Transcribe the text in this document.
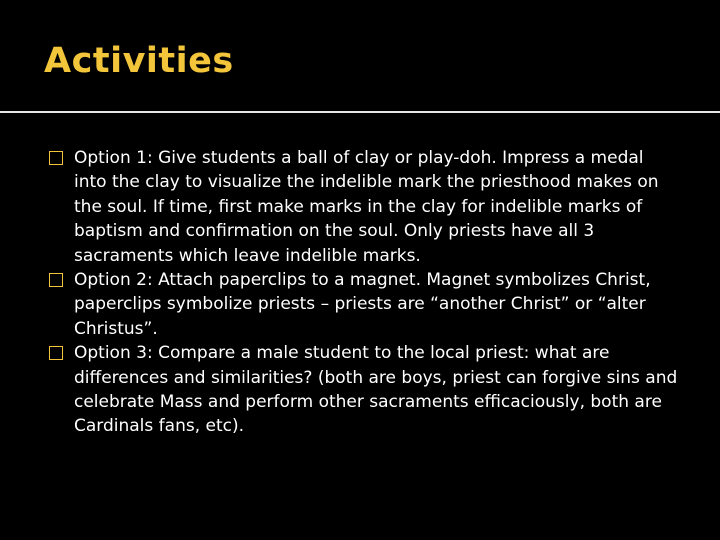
Activities
Option 1: Give students a ball of clay or play-doh. Impress a medal into the clay to visualize the indelible mark the priesthood makes on the soul. If time, first make marks in the clay for indelible marks of baptism and confirmation on the soul. Only priests have all 3 sacraments which leave indelible marks.
Option 2: Attach paperclips to a magnet. Magnet symbolizes Christ, paperclips symbolize priests – priests are “another Christ” or “alter Christus”.
Option 3: Compare a male student to the local priest: what are differences and similarities? (both are boys, priest can forgive sins and celebrate Mass and perform other sacraments efficaciously, both are Cardinals fans, etc).
